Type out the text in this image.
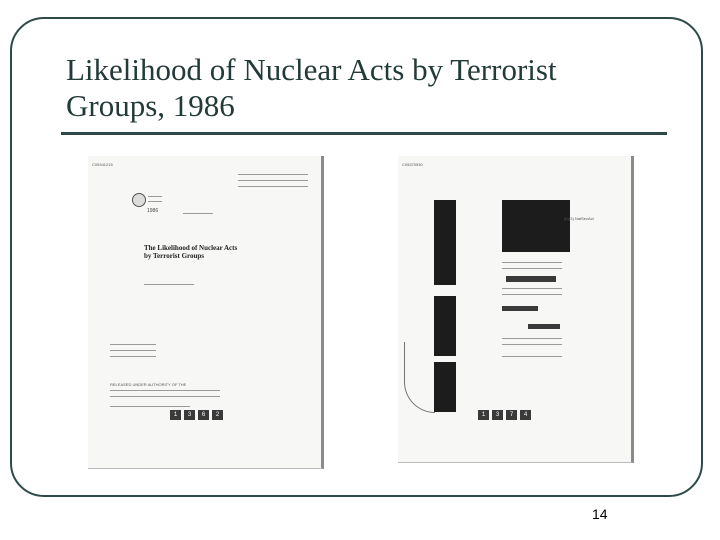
Likelihood of Nuclear Acts by Terrorist Groups, 1986
C05341215

1986
The Likelihood of Nuclear Acts by Terrorist Groups
RELEASED UNDER AUTHORITY OF THE
1	3	6	2
C05370530
(b)(3) NatSecAct
1	3	7	4
14
